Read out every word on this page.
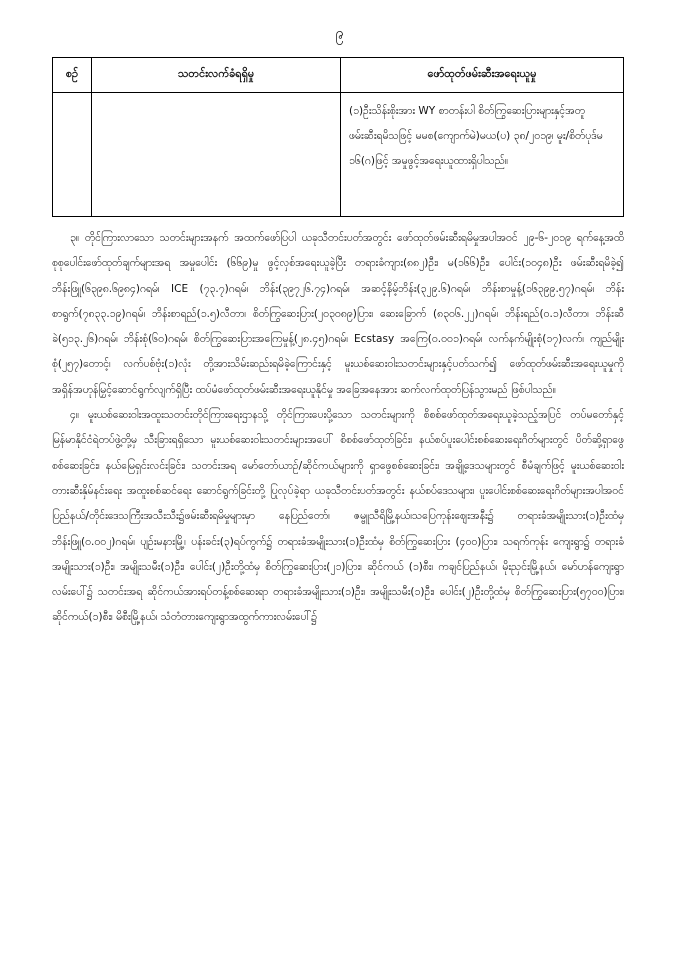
၉
စဉ်	သတင်းလက်ခံရရှိမှု	ဖော်ထုတ်ဖမ်းဆီးအရေးယူမှု

		(၁)ဦးသိန်းစိုးအား WY စာတန်းပါ စိတ်ကြွဆေးပြားများနှင့်အတူ ဖမ်းဆီးရမိသဖြင့် မမစ(ကျောက်မဲ)မယ(ပ) ၃၈/၂၀၁၉၊ မူး/စိတ်ပုဒ်မ ၁၆(ဂ)ဖြင့် အမှုဖွင့်အရေးယူထားရှိပါသည်။

၃။ တိုင်ကြားလာသော သတင်းများအနက် အထက်ဖော်ပြပါ ယခုသီတင်းပတ်အတွင်း ဖော်ထုတ်ဖမ်းဆီးရမိမှုအပါအဝင် ၂၉-၆-၂၀၁၉ ရက်နေ့အထိ စုစုပေါင်းဖော်ထုတ်ချက်များအရ အမှုပေါင်း (၆၆၉)မှု ဖွင့်လှစ်အရေးယူခဲ့ပြီး တရားခံကျား(၈၈၂)ဦး၊ မ(၁၆၆)ဦး၊ ပေါင်း(၁၀၄၈)ဦး ဖမ်းဆီးရမိခဲ့၍ ဘိန်းဖြူ(၆၃၉၈.၆၉၈၄)ဂရမ်၊ ICE (၇၃.၇)ဂရမ်၊ ဘိန်း(၃၉၇၂၆.၇၄)ဂရမ်၊ အဆင့်နိမ့်ဘိန်း(၃၂၉.၆)ဂရမ်၊ ဘိန်းစာမှုန့်(၁၆၃၉၉.၅၇)ဂရမ်၊ ဘိန်းစာရွက်(၇၈၃၃.၁၉)ဂရမ်၊ ဘိန်းစာရည်(၁.၅)လီတာ၊ စိတ်ကြွဆေးပြား(၂၀၃၀၈၉)ပြား၊ ဆေးခြောက် (၈၃၀၆.၂၂)ဂရမ်၊ ဘိန်းရည်(၀.၁)လီတာ၊ ဘိန်းဆီခဲ(၅၁၃.၂၆)ဂရမ်၊ ဘိန်းစုံ(၆၀)ဂရမ်၊ စိတ်ကြွဆေးပြားအကြေမှုန့်(၂၈.၄၅)ဂရမ်၊ Ecstasy အကြေ(၀.၀၀၁)ဂရမ်၊ လက်နက်မျိုးစုံ(၁၇)လက်၊ ကျည်မျိုးစုံ(၂၅၇)တောင့်၊ လက်ပစ်ဗုံး(၁)လုံး တို့အားသိမ်းဆည်းရမိခဲ့ကြောင်းနှင့် မူးယစ်ဆေးဝါးသတင်းများနှင့်ပတ်သက်၍ ဖော်ထုတ်ဖမ်းဆီးအရေးယူမှုကို အရှိန်အဟုန်မြှင့်ဆောင်ရွက်လျက်ရှိပြီး ထပ်မံဖော်ထုတ်ဖမ်းဆီးအရေးယူနိုင်မှု အခြေအနေအား ဆက်လက်ထုတ်ပြန်သွားမည် ဖြစ်ပါသည်။

၄။ မူးယစ်ဆေးဝါးအထူးသတင်းတိုင်ကြားရေးဌာနသို့ တိုင်ကြားပေးပို့သော သတင်းများကို စိစစ်ဖော်ထုတ်အရေးယူခဲ့သည့်အပြင် တပ်မတော်နှင့် မြန်မာနိုင်ငံရဲတပ်ဖွဲ့တို့မှ သီးခြားရရှိသော မူးယစ်ဆေးဝါးသတင်းများအပေါ် စိစစ်ဖော်ထုတ်ခြင်း၊ နယ်စပ်ပူးပေါင်းစစ်ဆေးရေးဂိတ်များတွင် ပိတ်ဆို့ရှာဖွေ စစ်ဆေးခြင်း၊ နယ်မြေရှင်းလင်းခြင်း၊ သတင်းအရ မော်တော်ယာဉ်/ဆိုင်ကယ်များကို ရှာဖွေစစ်ဆေးခြင်း၊ အချို့ဒေသများတွင် စီမံချက်ဖြင့် မူးယစ်ဆေးဝါးတားဆီးနှိမ်နင်းရေး အထူးစစ်ဆင်ရေး ဆောင်ရွက်ခြင်းတို့ ပြုလုပ်ခဲ့ရာ ယခုသီတင်းပတ်အတွင်း နယ်စပ်ဒေသများ၊ ပူးပေါင်းစစ်ဆေးရေးဂိတ်များအပါအဝင် ပြည်နယ်/တိုင်းဒေသကြီးအသီးသီး၌ဖမ်းဆီးရမိမှုများမှာ နေပြည်တော်၊ ဇမ္ဗူသီရိမြို့နယ်၊သပြေကုန်းဈေးအနီး၌ တရားခံအမျိုးသား(၁)ဦးထံမှ ဘိန်းဖြူ(၀.၀၀၂)ဂရမ်၊ ပျဉ်းမနားမြို့၊ ပန်းခင်း(၃)ရပ်ကွက်၌ တရားခံအမျိုးသား(၁)ဦးထံမှ စိတ်ကြွဆေးပြား (၄၀၀)ပြား၊ သရက်ကုန်း ကျေးရွာ၌ တရားခံအမျိုးသား(၁)ဦး၊ အမျိုးသမီး(၁)ဦး၊ ပေါင်း(၂)ဦးတို့ထံမှ စိတ်ကြွဆေးပြား(၂၁)ပြား၊ ဆိုင်ကယ် (၁)စီး၊ ကချင်ပြည်နယ်၊ မိုးညှင်းမြို့နယ်၊ မော်ဟန်ကျေးရွာလမ်းပေါ်၌ သတင်းအရ ဆိုင်ကယ်အားရပ်တန့်စစ်ဆေးရာ တရားခံအမျိုးသား(၁)ဦး၊ အမျိုးသမီး(၁)ဦး၊ ပေါင်း(၂)ဦးတို့ထံမှ စိတ်ကြွဆေးပြား(၅၇၀၀)ပြား၊ ဆိုင်ကယ်(၁)စီး၊ မိစီးမြို့နယ်၊ သံတံတားကျေးရွာအထွက်ကားလမ်းပေါ်၌
